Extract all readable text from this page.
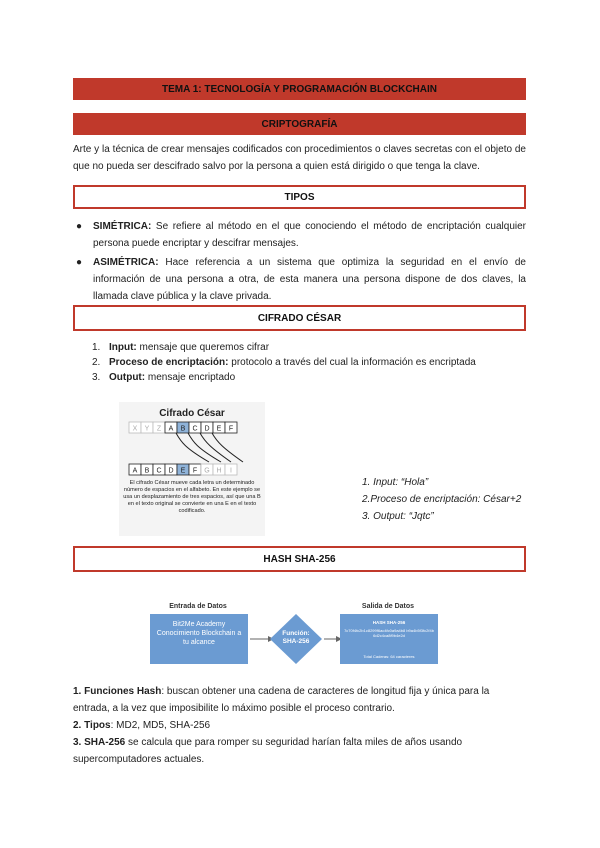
TEMA 1: TECNOLOGÍA Y PROGRAMACIÓN BLOCKCHAIN
CRIPTOGRAFÍA
Arte y la técnica de crear mensajes codificados con procedimientos o claves secretas con el objeto de que no pueda ser descifrado salvo por la persona a quien está dirigido o que tenga la clave.
TIPOS
● SIMÉTRICA: Se refiere al método en el que conociendo el método de encriptación cualquier persona puede encriptar y descifrar mensajes.
● ASIMÉTRICA: Hace referencia a un sistema que optimiza la seguridad en el envío de información de una persona a otra, de esta manera una persona dispone de dos claves, la llamada clave pública y la clave privada.
CIFRADO CÉSAR
1. Input: mensaje que queremos cifrar
2. Proceso de encriptación: protocolo a través del cual la información es encriptada
3. Output: mensaje encriptado
Cifrado César
X Y Z A B C D E F
A B C D E F G H I
El cifrado César mueve cada letra un determinado número de espacios en el alfabeto. En este ejemplo se usa un desplazamiento de tres espacios, así que una B en el texto original se convierte en una E en el texto codificado.
1. Input: “Hola”
2.Proceso de encriptación: César+2
3. Output: “Jqtc”
HASH SHA-256
Entrada de Datos
Bit2Me Academy Conocimiento Blockchain a tu alcance
Función: SHA-256
Salida de Datos
HASH SHA-256
7c70f4fc2b1c8299f6ac4fc0a9a4b8 b9a4b5f3fc2f4b6d2c4ca8f9b4e2d
Total Caderas: 64 caracteres
1. Funciones Hash: buscan obtener una cadena de caracteres de longitud fija y única para la entrada, a la vez que imposibilite lo máximo posible el proceso contrario.
2. Tipos: MD2, MD5, SHA-256
3. SHA-256 se calcula que para romper su seguridad harían falta miles de años usando supercomputadores actuales.
